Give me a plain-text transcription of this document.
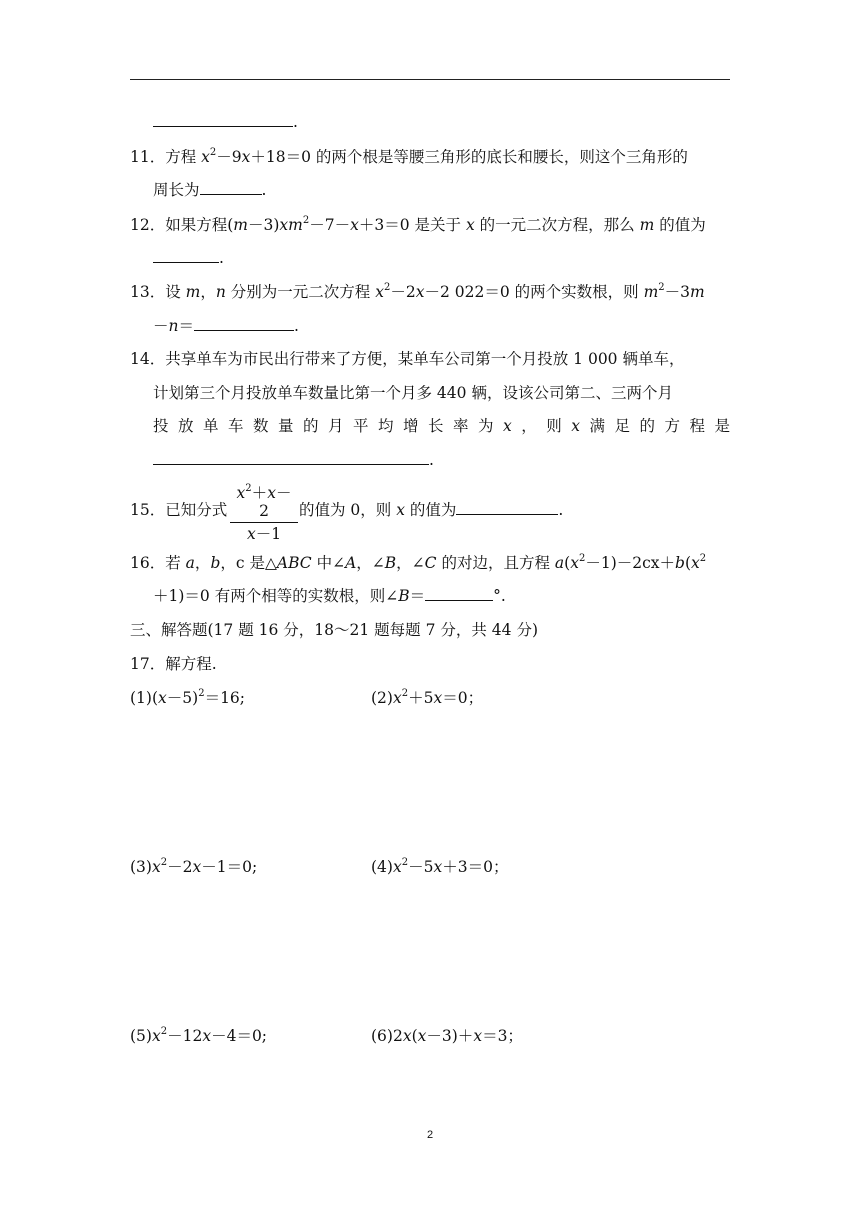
.
11．方程 $x^2-9x+18=0$ 的两个根是等腰三角形的底长和腰长，则这个三角形的
周长为	.
12．如果方程$(m-3)xm^2-7-x+3=0$ 是关于 x 的一元二次方程，那么 m 的值为
.
13．设 m，n 分别为一元二次方程 $x^2-2x-2$ 022＝0 的两个实数根，则 $m^2-3m$
－n＝	.
14．共享单车为市民出行带来了方便，某单车公司第一个月投放 1 000 辆单车，
计划第三个月投放单车数量比第一个月多 440 辆，设该公司第二、三两个月
投 放 单 车 数 量 的 月 平 均 增 长 率 为 x ， 则 x 满 足 的 方 程 是
.
15．已知分式
$x^2+x-2$
x－1
的值为 0，则 x 的值为	.
16．若 a，b，c 是△ABC 中∠A，∠B，∠C 的对边，且方程 $a(x^2-1)-2cx+b(x^2$
＋1)＝0 有两个相等的实数根，则∠B＝	°.
三、解答题(17 题 16 分，18～21 题每题 7 分，共 44 分)
17．解方程.
$(1)(x-5)^2=16$;	$(2)x^2+5x=0$；
$(3)x^2-2x-1=0$;	$(4)x^2-5x+3=0$；
$(5)x^2-12x-4=0$;	(6)2x(x－3)＋x＝3；
2
